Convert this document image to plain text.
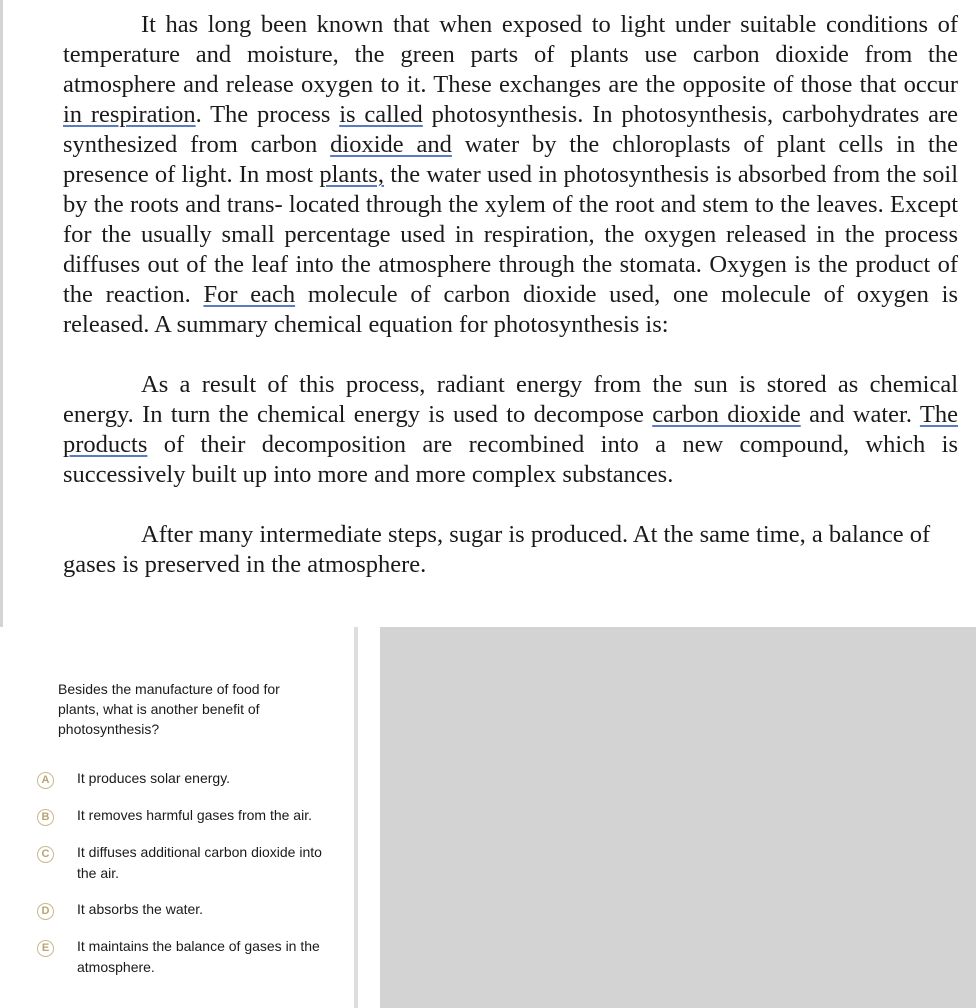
It has long been known that when exposed to light under suitable conditions of temperature and moisture, the green parts of plants use carbon dioxide from the atmosphere and release oxygen to it. These exchanges are the opposite of those that occur in respiration. The process is called photosynthesis. In photosynthesis, carbohydrates are synthesized from carbon dioxide and water by the chloroplasts of plant cells in the presence of light. In most plants, the water used in photosynthesis is absorbed from the soil by the roots and trans- located through the xylem of the root and stem to the leaves. Except for the usually small percentage used in respiration, the oxygen released in the process diffuses out of the leaf into the atmosphere through the stomata. Oxygen is the product of the reaction. For each molecule of carbon dioxide used, one molecule of oxygen is released. A summary chemical equation for photosynthesis is:

As a result of this process, radiant energy from the sun is stored as chemical energy. In turn the chemical energy is used to decompose carbon dioxide and water. The products of their decomposition are recombined into a new compound, which is successively built up into more and more complex substances.

After many intermediate steps, sugar is produced. At the same time, a balance of gases is preserved in the atmosphere.

Besides the manufacture of food for plants, what is another benefit of photosynthesis?

A	It produces solar energy.
B	It removes harmful gases from the air.
C	It diffuses additional carbon dioxide into the air.
D	It absorbs the water.
E	It maintains the balance of gases in the atmosphere.
